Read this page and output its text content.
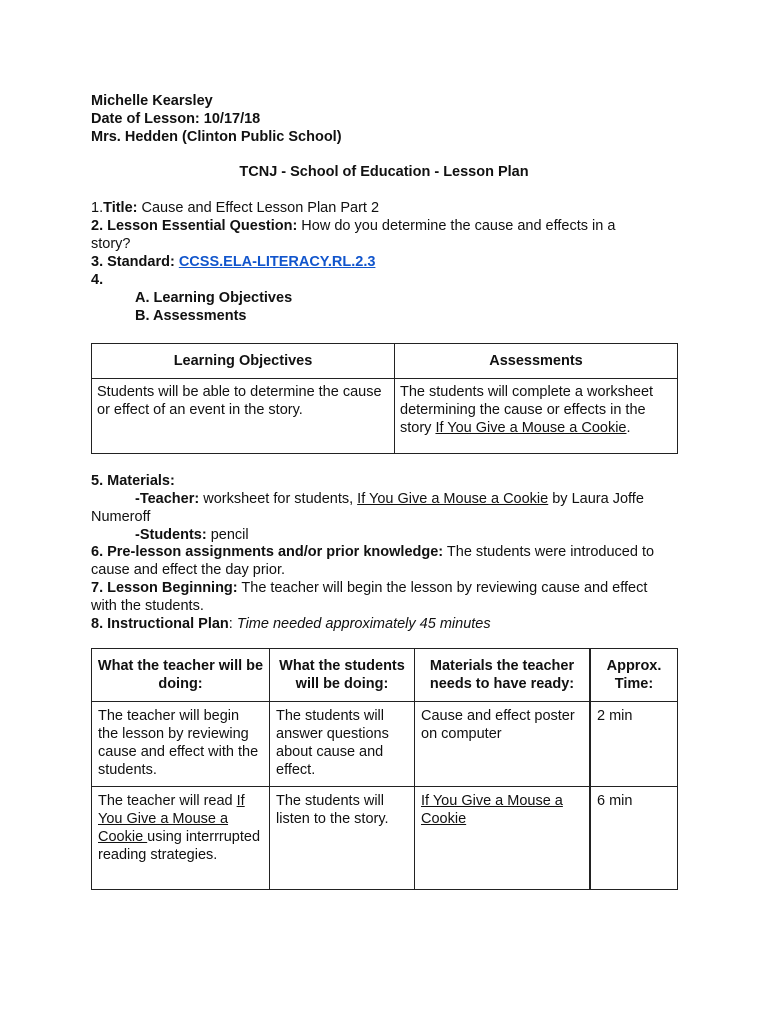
Michelle Kearsley
Date of Lesson: 10/17/18
Mrs. Hedden (Clinton Public School)
TCNJ - School of Education - Lesson Plan
1.Title: Cause and Effect Lesson Plan Part 2
2. Lesson Essential Question: How do you determine the cause and effects in a
story?
3. Standard: CCSS.ELA-LITERACY.RL.2.3
4.
A. Learning Objectives
B. Assessments
Learning Objectives	Assessments
Students will be able to determine the cause or effect of an event in the story.	The students will complete a worksheet determining the cause or effects in the story If You Give a Mouse a Cookie.
5. Materials:
-Teacher: worksheet for students, If You Give a Mouse a Cookie by Laura Joffe
Numeroff
-Students: pencil
6. Pre-lesson assignments and/or prior knowledge: The students were introduced to
cause and effect the day prior.
7. Lesson Beginning: The teacher will begin the lesson by reviewing cause and effect
with the students.
8. Instructional Plan: Time needed approximately 45 minutes
What the teacher will be doing:	What the students will be doing:	Materials the teacher needs to have ready:	Approx. Time:
The teacher will begin the lesson by reviewing cause and effect with the students.	The students will answer questions about cause and effect.	Cause and effect poster on computer	2 min
The teacher will read If You Give a Mouse a Cookie using interrrupted reading strategies.	The students will listen to the story.	If You Give a Mouse a Cookie	6 min
